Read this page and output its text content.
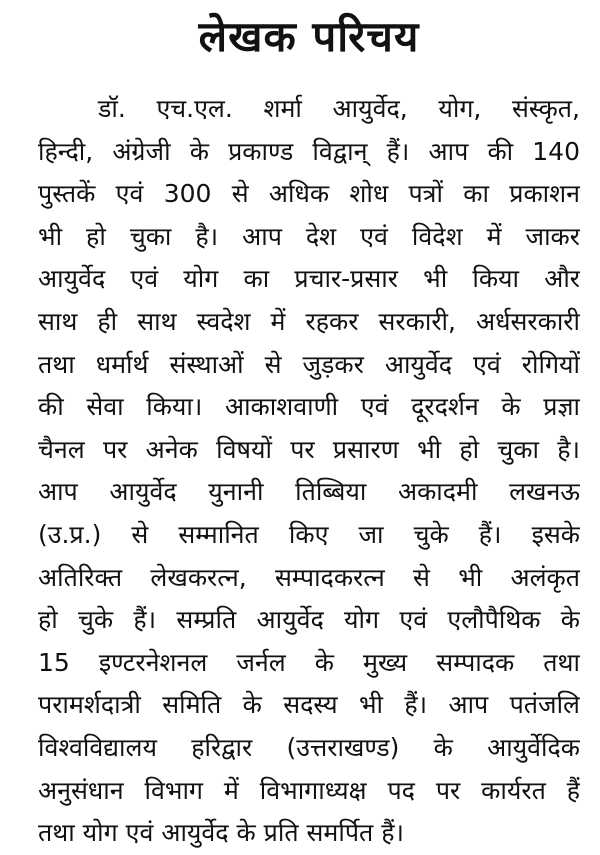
लेखक परिचय
डॉ. एच.एल. शर्मा आयुर्वेद, योग, संस्कृत,
हिन्दी, अंग्रेजी के प्रकाण्ड विद्वान् हैं। आप की 140
पुस्तकें एवं 300 से अधिक शोध पत्रों का प्रकाशन
भी हो चुका है। आप देश एवं विदेश में जाकर
आयुर्वेद एवं योग का प्रचार-प्रसार भी किया और
साथ ही साथ स्वदेश में रहकर सरकारी, अर्धसरकारी
तथा धर्मार्थ संस्थाओं से जुड़कर आयुर्वेद एवं रोगियों
की सेवा किया। आकाशवाणी एवं दूरदर्शन के प्रज्ञा
चैनल पर अनेक विषयों पर प्रसारण भी हो चुका है।
आप आयुर्वेद युनानी तिब्बिया अकादमी लखनऊ
(उ.प्र.) से सम्मानित किए जा चुके हैं। इसके
अतिरिक्त लेखकरत्न, सम्पादकरत्न से भी अलंकृत
हो चुके हैं। सम्प्रति आयुर्वेद योग एवं एलौपैथिक के
15 इण्टरनेशनल जर्नल के मुख्य सम्पादक तथा
परामर्शदात्री समिति के सदस्य भी हैं। आप पतंजलि
विश्वविद्यालय हरिद्वार (उत्तराखण्ड) के आयुर्वेदिक
अनुसंधान विभाग में विभागाध्यक्ष पद पर कार्यरत हैं
तथा योग एवं आयुर्वेद के प्रति समर्पित हैं।
